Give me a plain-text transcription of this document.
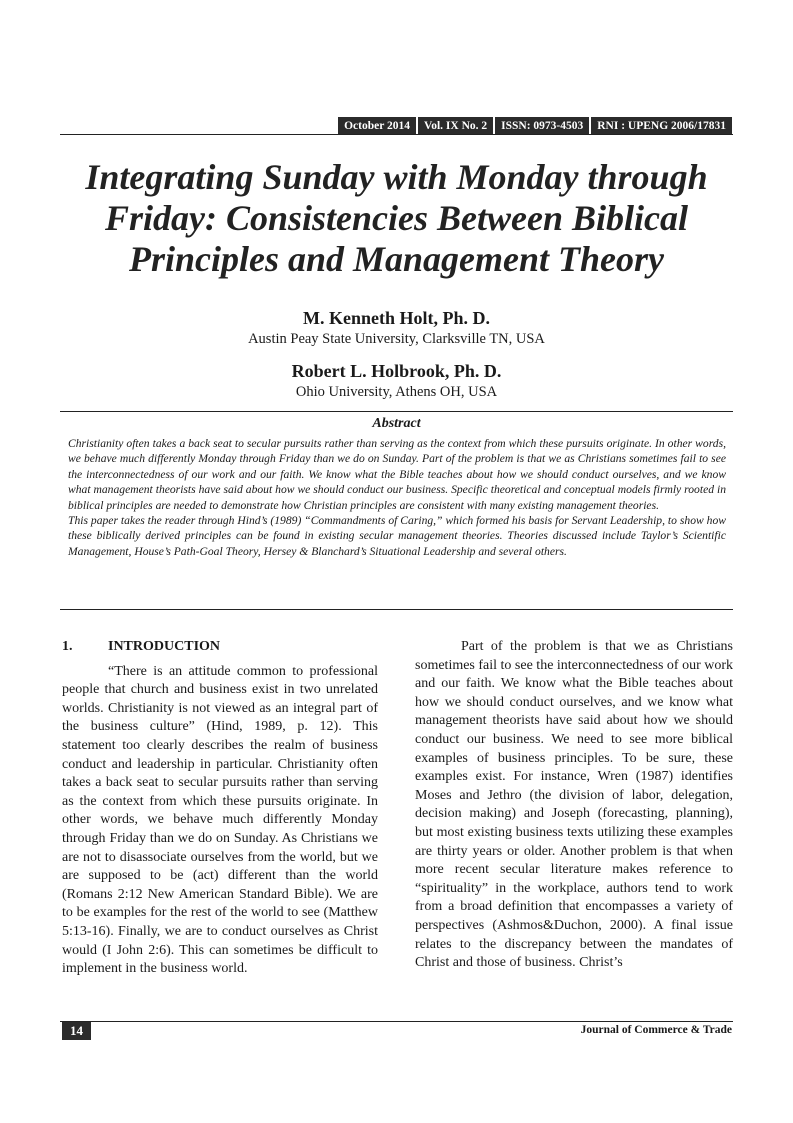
October 2014	Vol. IX No. 2	ISSN: 0973-4503	RNI : UPENG 2006/17831
Integrating Sunday with Monday through Friday: Consistencies Between Biblical Principles and Management Theory
M. Kenneth Holt, Ph. D.
Austin Peay State University, Clarksville TN, USA
Robert L. Holbrook, Ph. D.
Ohio University, Athens OH, USA
Abstract

Christianity often takes a back seat to secular pursuits rather than serving as the context from which these pursuits originate. In other words, we behave much differently Monday through Friday than we do on Sunday. Part of the problem is that we as Christians sometimes fail to see the interconnectedness of our work and our faith. We know what the Bible teaches about how we should conduct ourselves, and we know what management theorists have said about how we should conduct our business. Specific theoretical and conceptual models firmly rooted in biblical principles are needed to demonstrate how Christian principles are consistent with many existing management theories.

This paper takes the reader through Hind’s (1989) “Commandments of Caring,” which formed his basis for Servant Leadership, to show how these biblically derived principles can be found in existing secular management theories. Theories discussed include Taylor’s Scientific Management, House’s Path-Goal Theory, Hersey & Blanchard’s Situational Leadership and several others.

1.	INTRODUCTION

“There is an attitude common to professional people that church and business exist in two unrelated worlds. Christianity is not viewed as an integral part of the business culture” (Hind, 1989, p. 12). This statement too clearly describes the realm of business conduct and leadership in particular. Christianity often takes a back seat to secular pursuits rather than serving as the context from which these pursuits originate. In other words, we behave much differently Monday through Friday than we do on Sunday. As Christians we are not to disassociate ourselves from the world, but we are supposed to be (act) different than the world (Romans 2:12 New American Standard Bible). We are to be examples for the rest of the world to see (Matthew 5:13-16). Finally, we are to conduct ourselves as Christ would (I John 2:6). This can sometimes be difficult to implement in the business world.

Part of the problem is that we as Christians sometimes fail to see the interconnectedness of our work and our faith. We know what the Bible teaches about how we should conduct ourselves, and we know what management theorists have said about how we should conduct our business. We need to see more biblical examples of business principles. To be sure, these examples exist. For instance, Wren (1987) identifies Moses and Jethro (the division of labor, delegation, decision making) and Joseph (forecasting, planning), but most existing business texts utilizing these examples are thirty years or older. Another problem is that when more recent secular literature makes reference to “spirituality” in the workplace, authors tend to work from a broad definition that encompasses a variety of perspectives (Ashmos&Duchon, 2000). A final issue relates to the discrepancy between the mandates of Christ and those of business. Christ’s

14	Journal of Commerce & Trade
